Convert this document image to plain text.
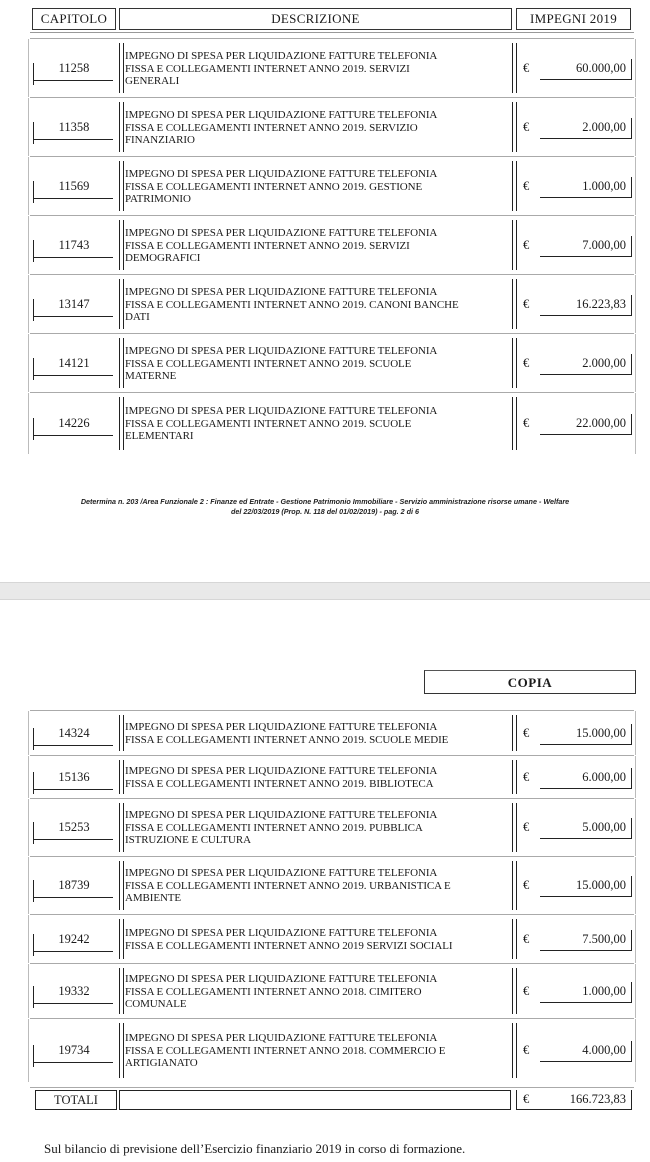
CAPITOLO	DESCRIZIONE	IMPEGNI 2019
11258
IMPEGNO DI SPESA PER LIQUIDAZIONE FATTURE TELEFONIA
FISSA E COLLEGAMENTI INTERNET ANNO 2019. SERVIZI
GENERALI
€	60.000,00
11358
IMPEGNO DI SPESA PER LIQUIDAZIONE FATTURE TELEFONIA
FISSA E COLLEGAMENTI INTERNET ANNO 2019. SERVIZIO
FINANZIARIO
€	2.000,00
11569
IMPEGNO DI SPESA PER LIQUIDAZIONE FATTURE TELEFONIA
FISSA E COLLEGAMENTI INTERNET ANNO 2019. GESTIONE
PATRIMONIO
€	1.000,00
11743
IMPEGNO DI SPESA PER LIQUIDAZIONE FATTURE TELEFONIA
FISSA E COLLEGAMENTI INTERNET ANNO 2019. SERVIZI
DEMOGRAFICI
€	7.000,00
13147
IMPEGNO DI SPESA PER LIQUIDAZIONE FATTURE TELEFONIA
FISSA E COLLEGAMENTI INTERNET ANNO 2019. CANONI BANCHE
DATI
€	16.223,83
14121
IMPEGNO DI SPESA PER LIQUIDAZIONE FATTURE TELEFONIA
FISSA E COLLEGAMENTI INTERNET ANNO 2019. SCUOLE
MATERNE
€	2.000,00
14226
IMPEGNO DI SPESA PER LIQUIDAZIONE FATTURE TELEFONIA
FISSA E COLLEGAMENTI INTERNET ANNO 2019. SCUOLE
ELEMENTARI
€	22.000,00
Determina n. 203 /Area Funzionale 2 : Finanze ed Entrate - Gestione Patrimonio Immobiliare - Servizio amministrazione risorse umane - Welfare
del 22/03/2019 (Prop. N. 118 del 01/02/2019) - pag. 2 di 6
COPIA
14324	IMPEGNO DI SPESA PER LIQUIDAZIONE FATTURE TELEFONIA
FISSA E COLLEGAMENTI INTERNET ANNO 2019. SCUOLE MEDIE	€	15.000,00
15136	IMPEGNO DI SPESA PER LIQUIDAZIONE FATTURE TELEFONIA
FISSA E COLLEGAMENTI INTERNET ANNO 2019. BIBLIOTECA	€	6.000,00
15253
IMPEGNO DI SPESA PER LIQUIDAZIONE FATTURE TELEFONIA
FISSA E COLLEGAMENTI INTERNET ANNO 2019. PUBBLICA
ISTRUZIONE E CULTURA
€	5.000,00
18739
IMPEGNO DI SPESA PER LIQUIDAZIONE FATTURE TELEFONIA
FISSA E COLLEGAMENTI INTERNET ANNO 2019. URBANISTICA E
AMBIENTE
€	15.000,00
19242	IMPEGNO DI SPESA PER LIQUIDAZIONE FATTURE TELEFONIA
FISSA E COLLEGAMENTI INTERNET ANNO 2019 SERVIZI SOCIALI	€	7.500,00
19332
IMPEGNO DI SPESA PER LIQUIDAZIONE FATTURE TELEFONIA
FISSA E COLLEGAMENTI INTERNET ANNO 2018. CIMITERO
COMUNALE
€	1.000,00
19734
IMPEGNO DI SPESA PER LIQUIDAZIONE FATTURE TELEFONIA
FISSA E COLLEGAMENTI INTERNET ANNO 2018. COMMERCIO E
ARTIGIANATO
€	4.000,00
TOTALI	€	166.723,83
Sul bilancio di previsione dell’Esercizio finanziario 2019 in corso di formazione.
